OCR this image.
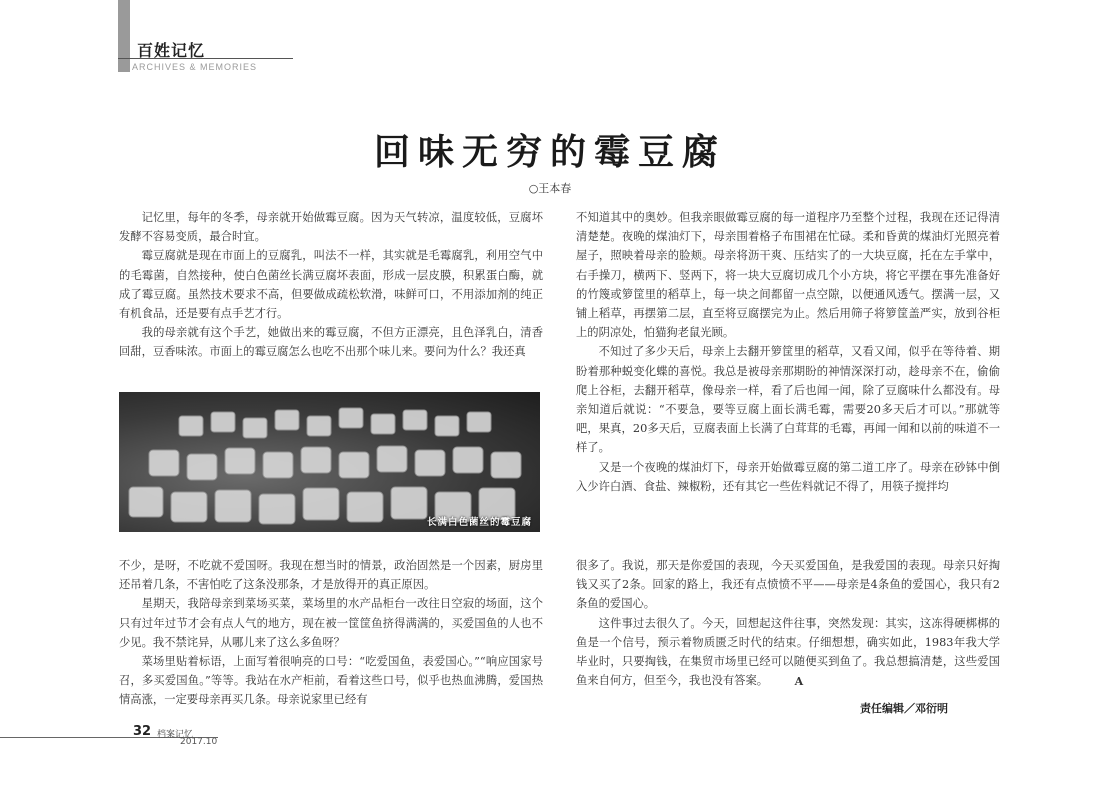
百姓记忆
ARCHIVES & MEMORIES
回味无穷的霉豆腐
○王本春

记忆里，每年的冬季，母亲就开始做霉豆腐。因为天气转凉，温度较低，豆腐坏发酵不容易变质，最合时宜。

霉豆腐就是现在市面上的豆腐乳，叫法不一样，其实就是毛霉腐乳，利用空气中的毛霉菌，自然接种，使白色菌丝长满豆腐坏表面，形成一层皮膜，积累蛋白酶，就成了霉豆腐。虽然技术要求不高，但要做成疏松软滑，味鲜可口，不用添加剂的纯正有机食品，还是要有点手艺才行。

我的母亲就有这个手艺，她做出来的霉豆腐，不但方正漂亮，且色泽乳白，清香回甜，豆香味浓。市面上的霉豆腐怎么也吃不出那个味儿来。要问为什么？我还真

长满白色菌丝的霉豆腐

不知道其中的奥妙。但我亲眼做霉豆腐的每一道程序乃至整个过程，我现在还记得清清楚楚。夜晚的煤油灯下，母亲围着格子布围裙在忙碌。柔和昏黄的煤油灯光照亮着屋子，照映着母亲的脸颊。母亲将沥干爽、压结实了的一大块豆腐，托在左手掌中，右手操刀，横两下、竖两下，将一块大豆腐切成几个小方块，将它平摆在事先准备好的竹篾或箩筐里的稻草上，每一块之间都留一点空隙，以便通风透气。摆满一层，又铺上稻草，再摆第二层，直至将豆腐摆完为止。然后用筛子将箩筐盖严实，放到谷柜上的阴凉处，怕猫狗老鼠光顾。

不知过了多少天后，母亲上去翻开箩筐里的稻草，又看又闻，似乎在等待着、期盼着那种蜕变化蝶的喜悦。我总是被母亲那期盼的神情深深打动，趁母亲不在，偷偷爬上谷柜，去翻开稻草，像母亲一样，看了后也闻一闻，除了豆腐味什么都没有。母亲知道后就说：“不要急，要等豆腐上面长满毛霉，需要20多天后才可以。”那就等吧，果真，20多天后，豆腐表面上长满了白茸茸的毛霉，再闻一闻和以前的味道不一样了。

又是一个夜晚的煤油灯下，母亲开始做霉豆腐的第二道工序了。母亲在砂钵中倒入少许白酒、食盐、辣椒粉，还有其它一些佐料就记不得了，用筷子搅拌均

不少，是呀，不吃就不爱国呀。我现在想当时的情景，政治固然是一个因素，厨房里还吊着几条，不害怕吃了这条没那条，才是放得开的真正原因。

星期天，我陪母亲到菜场买菜，菜场里的水产品柜台一改往日空寂的场面，这个只有过年过节才会有点人气的地方，现在被一筐筐鱼挤得满满的，买爱国鱼的人也不少见。我不禁诧异，从哪儿来了这么多鱼呀？

菜场里贴着标语，上面写着很响亮的口号：“吃爱国鱼，表爱国心。”“响应国家号召，多买爱国鱼。”等等。我站在水产柜前，看着这些口号，似乎也热血沸腾，爱国热情高涨，一定要母亲再买几条。母亲说家里已经有

很多了。我说，那天是你爱国的表现，今天买爱国鱼，是我爱国的表现。母亲只好掏钱又买了2条。回家的路上，我还有点愤愤不平——母亲是4条鱼的爱国心，我只有2条鱼的爱国心。

这件事过去很久了。今天，回想起这件往事，突然发现：其实，这冻得硬梆梆的鱼是一个信号，预示着物质匮乏时代的结束。仔细想想，确实如此，1983年我大学毕业时，只要掏钱，在集贸市场里已经可以随便买到鱼了。我总想搞清楚，这些爱国鱼来自何方，但至今，我也没有答案。 A

责任编辑／邓衍明
32 档案记忆
2017.10
